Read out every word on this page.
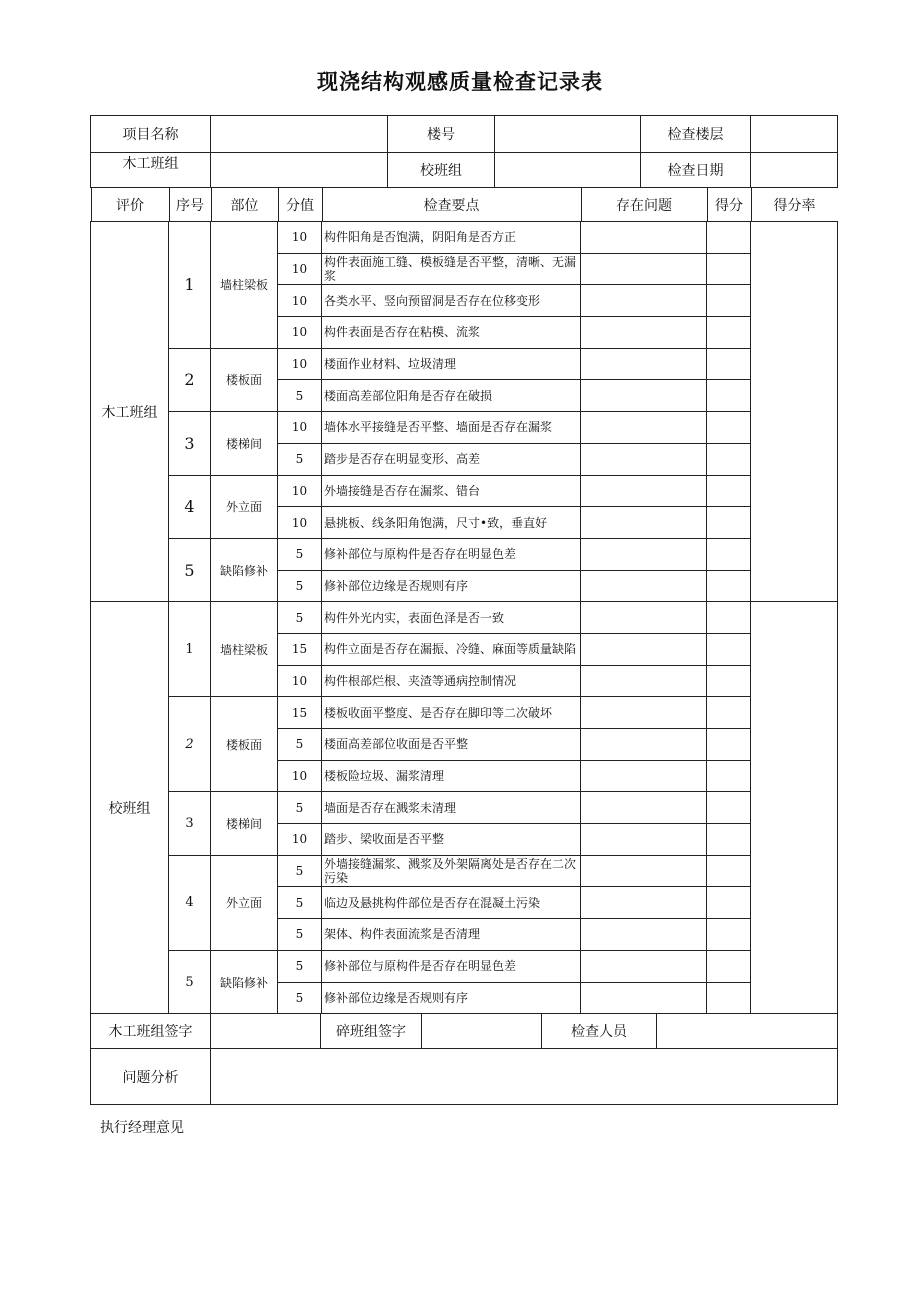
现浇结构观感质量检查记录表
项目名称		楼号		检查楼层	
木工班组		校班组		检查日期	

评价	序号	部位	分值	检查要点	存在问题	得分	得分率
木工班组	1	墙柱梁板	10	构件阳角是否饱满，阴阳角是否方正			
			10	构件表面施工缝、模板缝是否平整，清晰、无漏浆			
			10	各类水平、竖向预留洞是否存在位移变形			
			10	构件表面是否存在粘模、流浆			
	2	楼板面	10	楼面作业材料、垃圾清理			
			5	楼面高差部位阳角是否存在破损			
	3	楼梯间	10	墙体水平接缝是否平整、墙面是否存在漏浆			
			5	踏步是否存在明显变形、高差			
	4	外立面	10	外墙接缝是否存在漏浆、错台			
			10	悬挑板、线条阳角饱满，尺寸•致，垂直好			
	5	缺陷修补	5	修补部位与原构件是否存在明显色差			
			5	修补部位边缘是否规则有序			
校班组	1	墙柱梁板	5	构件外光内实，表面色泽是否一致			
			15	构件立面是否存在漏振、冷缝、麻面等质量缺陷			
			10	构件根部烂根、夹渣等通病控制情况			
	2	楼板面	15	楼板收面平整度、是否存在脚印等二次破坏			
			5	楼面高差部位收面是否平整			
			10	楼板险垃圾、漏浆清理			
	3	楼梯间	5	墙面是否存在溅浆未清理			
			10	踏步、梁收面是否平整			
	4	外立面	5	外墙接缝漏浆、溅浆及外架隔离处是否存在二次污染			
			5	临边及悬挑构件部位是否存在混凝土污染			
			5	架体、构件表面流浆是否清理			
	5	缺陷修补	5	修补部位与原构件是否存在明显色差			
			5	修补部位边缘是否规则有序			
木工班组签字		碎班组签字		检查人员	
问题分析					
执行经理意见
